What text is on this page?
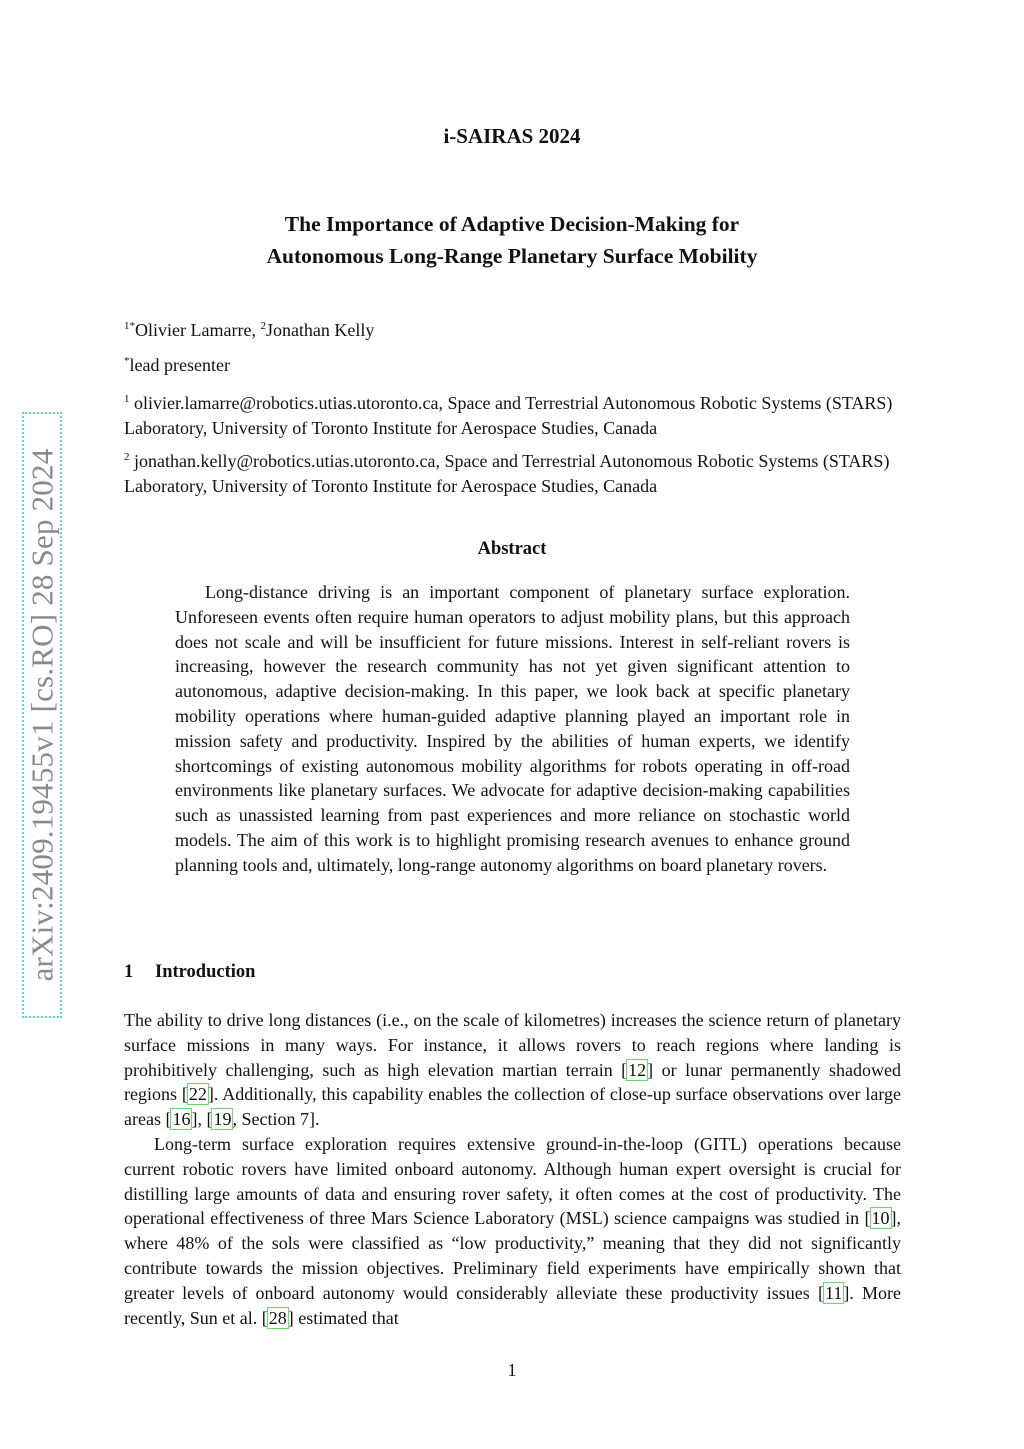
arXiv:2409.19455v1 [cs.RO] 28 Sep 2024
i-SAIRAS 2024
The Importance of Adaptive Decision-Making for
Autonomous Long-Range Planetary Surface Mobility
$^{1*}$Olivier Lamarre, $^2$Jonathan Kelly
*lead presenter
$^1$ olivier.lamarre@robotics.utias.utoronto.ca, Space and Terrestrial Autonomous Robotic Systems (STARS) Laboratory, University of Toronto Institute for Aerospace Studies, Canada
$^2$ jonathan.kelly@robotics.utias.utoronto.ca, Space and Terrestrial Autonomous Robotic Systems (STARS) Laboratory, University of Toronto Institute for Aerospace Studies, Canada
Abstract
Long-distance driving is an important component of planetary surface exploration. Unforeseen events often require human operators to adjust mobility plans, but this approach does not scale and will be insufficient for future missions. Interest in self-reliant rovers is increasing, however the research community has not yet given significant attention to autonomous, adaptive decision-making. In this paper, we look back at specific planetary mobility operations where human-guided adaptive planning played an important role in mission safety and productivity. Inspired by the abilities of human experts, we identify shortcomings of existing autonomous mobility algorithms for robots operating in off-road environments like planetary surfaces. We advocate for adaptive decision-making capabilities such as unassisted learning from past experiences and more reliance on stochastic world models. The aim of this work is to highlight promising research avenues to enhance ground planning tools and, ultimately, long-range autonomy algorithms on board planetary rovers.
1 Introduction

The ability to drive long distances (i.e., on the scale of kilometres) increases the science return of planetary surface missions in many ways. For instance, it allows rovers to reach regions where landing is prohibitively challenging, such as high elevation martian terrain [12] or lunar permanently shadowed regions [22]. Additionally, this capability enables the collection of close-up surface observations over large areas [16], [19, Section 7].

Long-term surface exploration requires extensive ground-in-the-loop (GITL) operations because current robotic rovers have limited onboard autonomy. Although human expert oversight is crucial for distilling large amounts of data and ensuring rover safety, it often comes at the cost of productivity. The operational effectiveness of three Mars Science Laboratory (MSL) science campaigns was studied in [10], where 48% of the sols were classified as “low productivity,” meaning that they did not significantly contribute towards the mission objectives. Preliminary field experiments have empirically shown that greater levels of onboard autonomy would considerably alleviate these productivity issues [11]. More recently, Sun et al. [28] estimated that

1
